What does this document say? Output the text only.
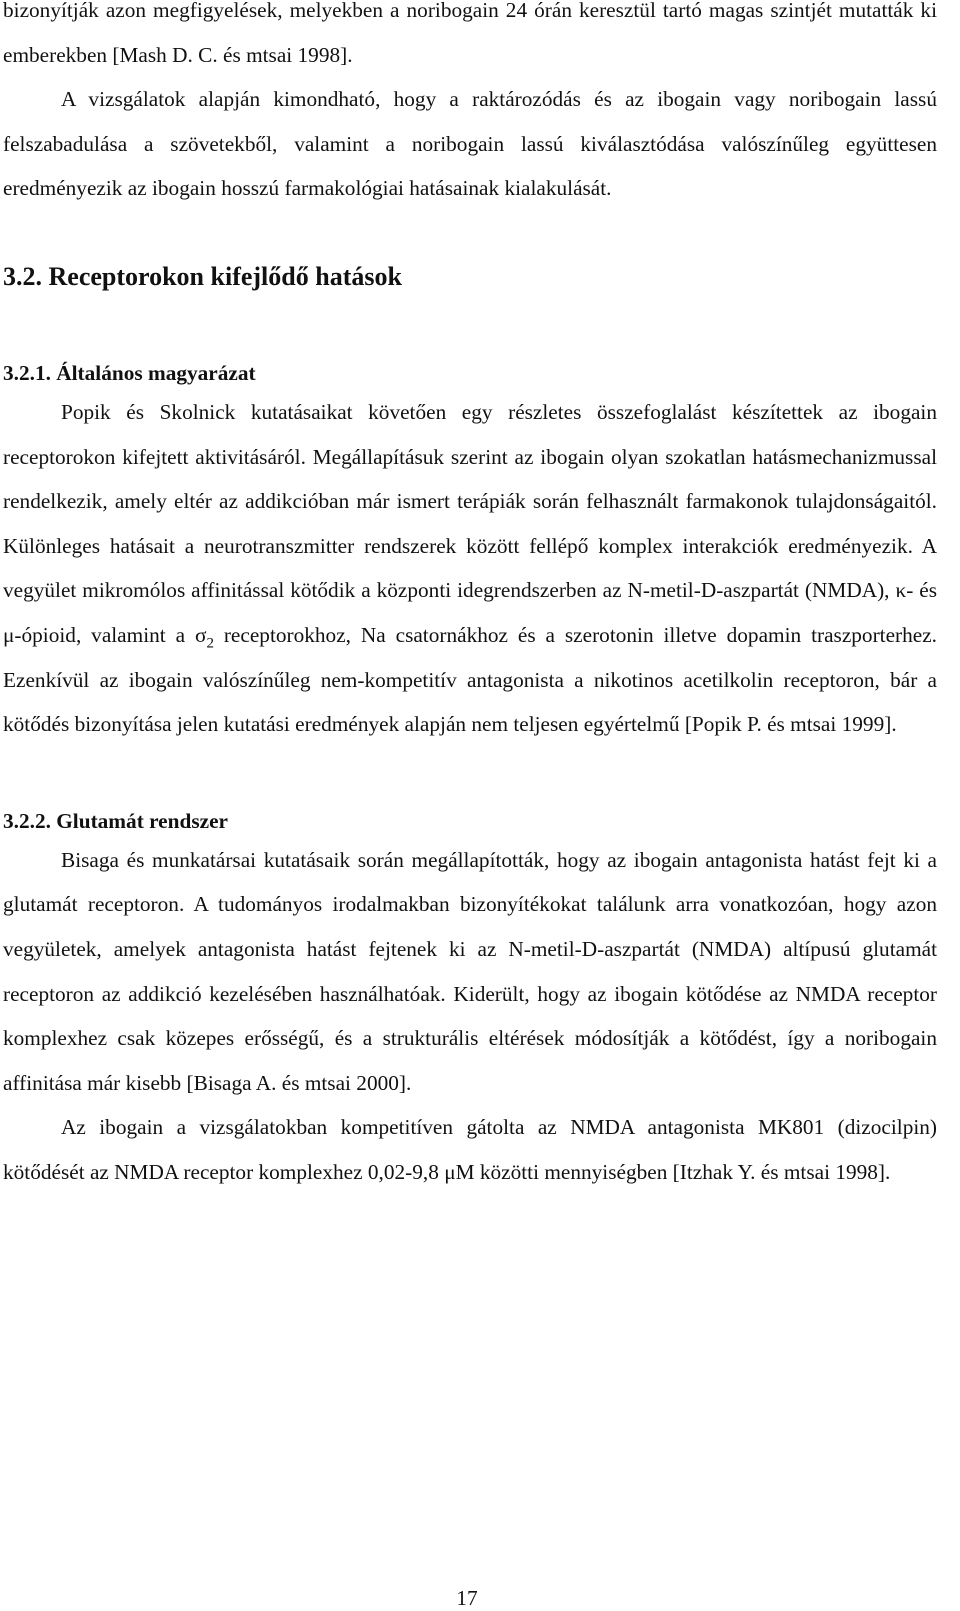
bizonyítják azon megfigyelések, melyekben a noribogain 24 órán keresztül tartó magas szintjét mutatták ki emberekben [Mash D. C. és mtsai 1998].

A vizsgálatok alapján kimondható, hogy a raktározódás és az ibogain vagy noribogain lassú felszabadulása a szövetekből, valamint a noribogain lassú kiválasztódása valószínűleg együttesen eredményezik az ibogain hosszú farmakológiai hatásainak kialakulását.

3.2. Receptorokon kifejlődő hatások
3.2.1. Általános magyarázat

Popik és Skolnick kutatásaikat követően egy részletes összefoglalást készítettek az ibogain receptorokon kifejtett aktivitásáról. Megállapításuk szerint az ibogain olyan szokatlan hatásmechanizmussal rendelkezik, amely eltér az addikcióban már ismert terápiák során felhasznált farmakonok tulajdonságaitól. Különleges hatásait a neurotranszmitter rendszerek között fellépő komplex interakciók eredményezik. A vegyület mikromólos affinitással kötődik a központi idegrendszerben az N-metil-D-aszpartát (NMDA), κ- és μ-ópioid, valamint a $\sigma_2$ receptorokhoz, Na csatornákhoz és a szerotonin illetve dopamin traszporterhez. Ezenkívül az ibogain valószínűleg nem-kompetitív antagonista a nikotinos acetilkolin receptoron, bár a kötődés bizonyítása jelen kutatási eredmények alapján nem teljesen egyértelmű [Popik P. és mtsai 1999].

3.2.2. Glutamát rendszer

Bisaga és munkatársai kutatásaik során megállapították, hogy az ibogain antagonista hatást fejt ki a glutamát receptoron. A tudományos irodalmakban bizonyítékokat találunk arra vonatkozóan, hogy azon vegyületek, amelyek antagonista hatást fejtenek ki az N-metil-D-aszpartát (NMDA) altípusú glutamát receptoron az addikció kezelésében használhatóak. Kiderült, hogy az ibogain kötődése az NMDA receptor komplexhez csak közepes erősségű, és a strukturális eltérések módosítják a kötődést, így a noribogain affinitása már kisebb [Bisaga A. és mtsai 2000].

Az ibogain a vizsgálatokban kompetitíven gátolta az NMDA antagonista MK801 (dizocilpin) kötődését az NMDA receptor komplexhez 0,02-9,8 μM közötti mennyiségben [Itzhak Y. és mtsai 1998].

17
